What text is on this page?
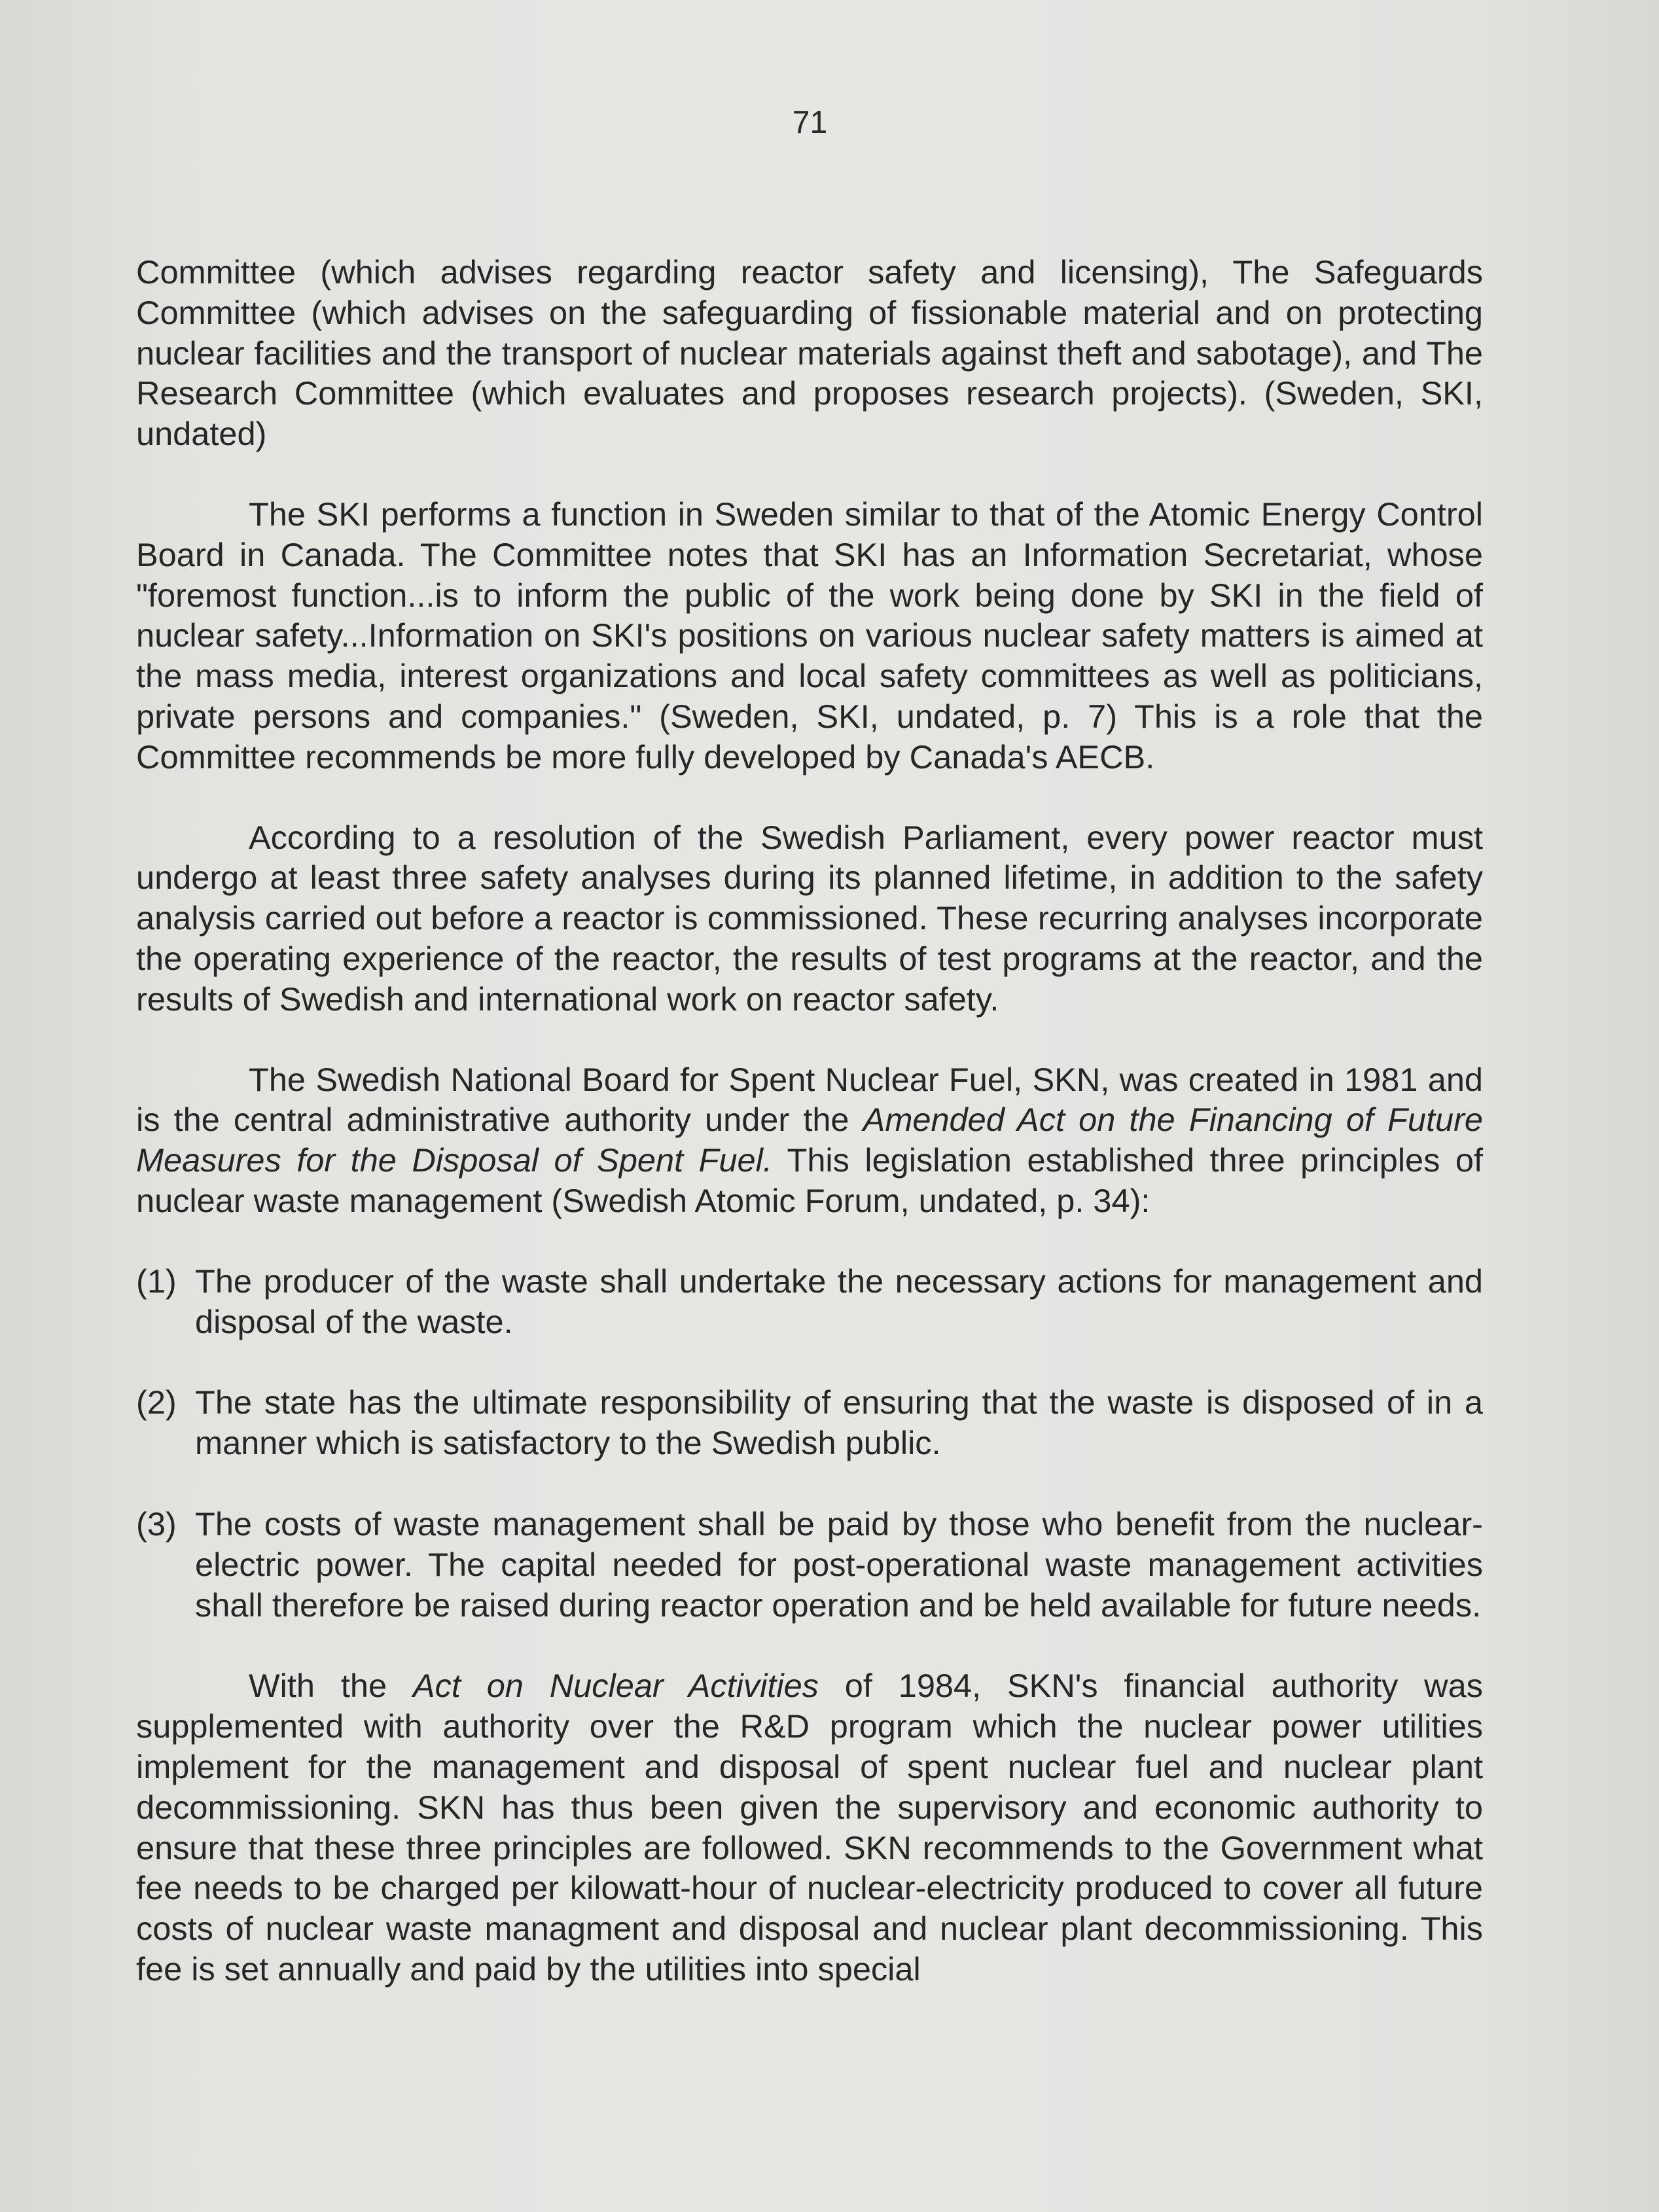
71

Committee (which advises regarding reactor safety and licensing), The Safeguards Committee (which advises on the safeguarding of fissionable material and on protecting nuclear facilities and the transport of nuclear materials against theft and sabotage), and The Research Committee (which evaluates and proposes research projects). (Sweden, SKI, undated)

The SKI performs a function in Sweden similar to that of the Atomic Energy Control Board in Canada. The Committee notes that SKI has an Information Secretariat, whose "foremost function...is to inform the public of the work being done by SKI in the field of nuclear safety...Information on SKI's positions on various nuclear safety matters is aimed at the mass media, interest organizations and local safety committees as well as politicians, private persons and companies." (Sweden, SKI, undated, p. 7) This is a role that the Committee recommends be more fully developed by Canada's AECB.

According to a resolution of the Swedish Parliament, every power reactor must undergo at least three safety analyses during its planned lifetime, in addition to the safety analysis carried out before a reactor is commissioned. These recurring analyses incorporate the operating experience of the reactor, the results of test programs at the reactor, and the results of Swedish and international work on reactor safety.

The Swedish National Board for Spent Nuclear Fuel, SKN, was created in 1981 and is the central administrative authority under the Amended Act on the Financing of Future Measures for the Disposal of Spent Fuel. This legislation established three principles of nuclear waste management (Swedish Atomic Forum, undated, p. 34):

(1) The producer of the waste shall undertake the necessary actions for management and disposal of the waste.
(2) The state has the ultimate responsibility of ensuring that the waste is disposed of in a manner which is satisfactory to the Swedish public.
(3) The costs of waste management shall be paid by those who benefit from the nuclear-electric power. The capital needed for post-operational waste management activities shall therefore be raised during reactor operation and be held available for future needs.

With the Act on Nuclear Activities of 1984, SKN's financial authority was supplemented with authority over the R&D program which the nuclear power utilities implement for the management and disposal of spent nuclear fuel and nuclear plant decommissioning. SKN has thus been given the supervisory and economic authority to ensure that these three principles are followed. SKN recommends to the Government what fee needs to be charged per kilowatt-hour of nuclear-electricity produced to cover all future costs of nuclear waste managment and disposal and nuclear plant decommissioning. This fee is set annually and paid by the utilities into special
